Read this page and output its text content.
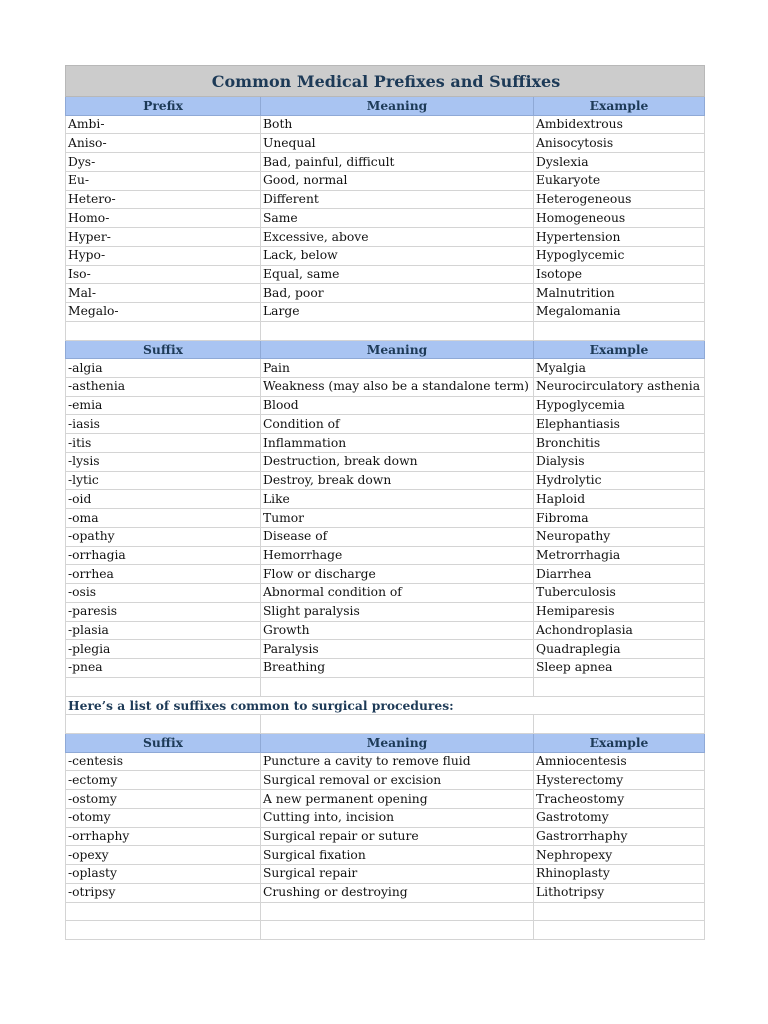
Common Medical Prefixes and Suffixes		
Prefix	Meaning	Example
Ambi-	Both	Ambidextrous
Aniso-	Unequal	Anisocytosis
Dys-	Bad, painful, difficult	Dyslexia
Eu-	Good, normal	Eukaryote
Hetero-	Different	Heterogeneous
Homo-	Same	Homogeneous
Hyper-	Excessive, above	Hypertension
Hypo-	Lack, below	Hypoglycemic
Iso-	Equal, same	Isotope
Mal-	Bad, poor	Malnutrition
Megalo-	Large	Megalomania

Suffix	Meaning	Example
-algia	Pain	Myalgia
-asthenia	Weakness (may also be a standalone term)	Neurocirculatory asthenia
-emia	Blood	Hypoglycemia
-iasis	Condition of	Elephantiasis
-itis	Inflammation	Bronchitis
-lysis	Destruction, break down	Dialysis
-lytic	Destroy, break down	Hydrolytic
-oid	Like	Haploid
-oma	Tumor	Fibroma
-opathy	Disease of	Neuropathy
-orrhagia	Hemorrhage	Metrorrhagia
-orrhea	Flow or discharge	Diarrhea
-osis	Abnormal condition of	Tuberculosis
-paresis	Slight paralysis	Hemiparesis
-plasia	Growth	Achondroplasia
-plegia	Paralysis	Quadraplegia
-pnea	Breathing	Sleep apnea

Here’s a list of suffixes common to surgical procedures:		

Suffix	Meaning	Example
-centesis	Puncture a cavity to remove fluid	Amniocentesis
-ectomy	Surgical removal or excision	Hysterectomy
-ostomy	A new permanent opening	Tracheostomy
-otomy	Cutting into, incision	Gastrotomy
-orrhaphy	Surgical repair or suture	Gastrorrhaphy
-opexy	Surgical fixation	Nephropexy
-oplasty	Surgical repair	Rhinoplasty
-otripsy	Crushing or destroying	Lithotripsy
